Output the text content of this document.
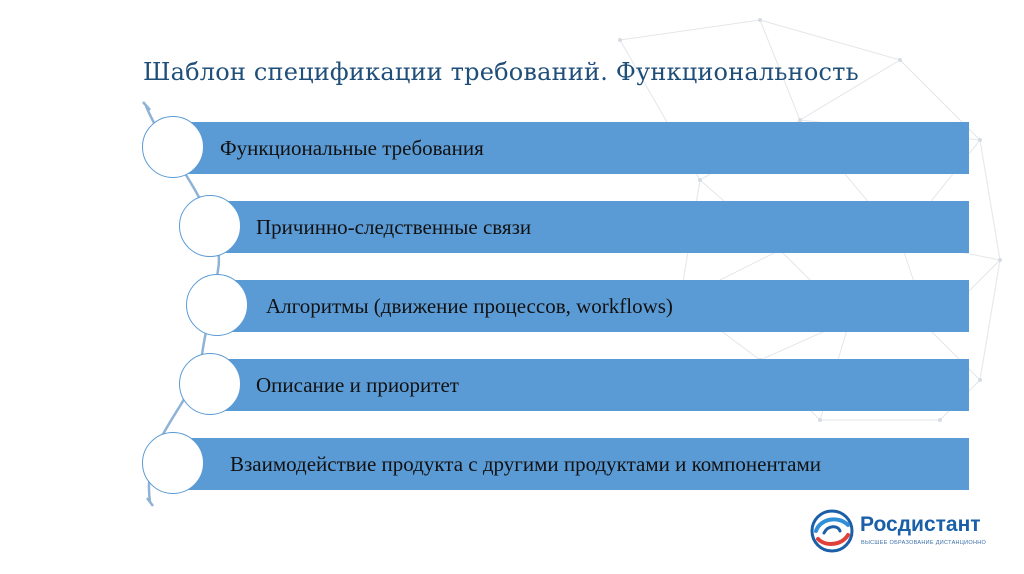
Шаблон спецификации требований. Функциональность
Функциональные требования
Причинно-следственные связи
Алгоритмы (движение процессов, workflows)
Описание и приоритет
Взаимодействие продукта с другими продуктами и компонентами
Росдистант
ВЫСШЕЕ ОБРАЗОВАНИЕ ДИСТАНЦИОННО
